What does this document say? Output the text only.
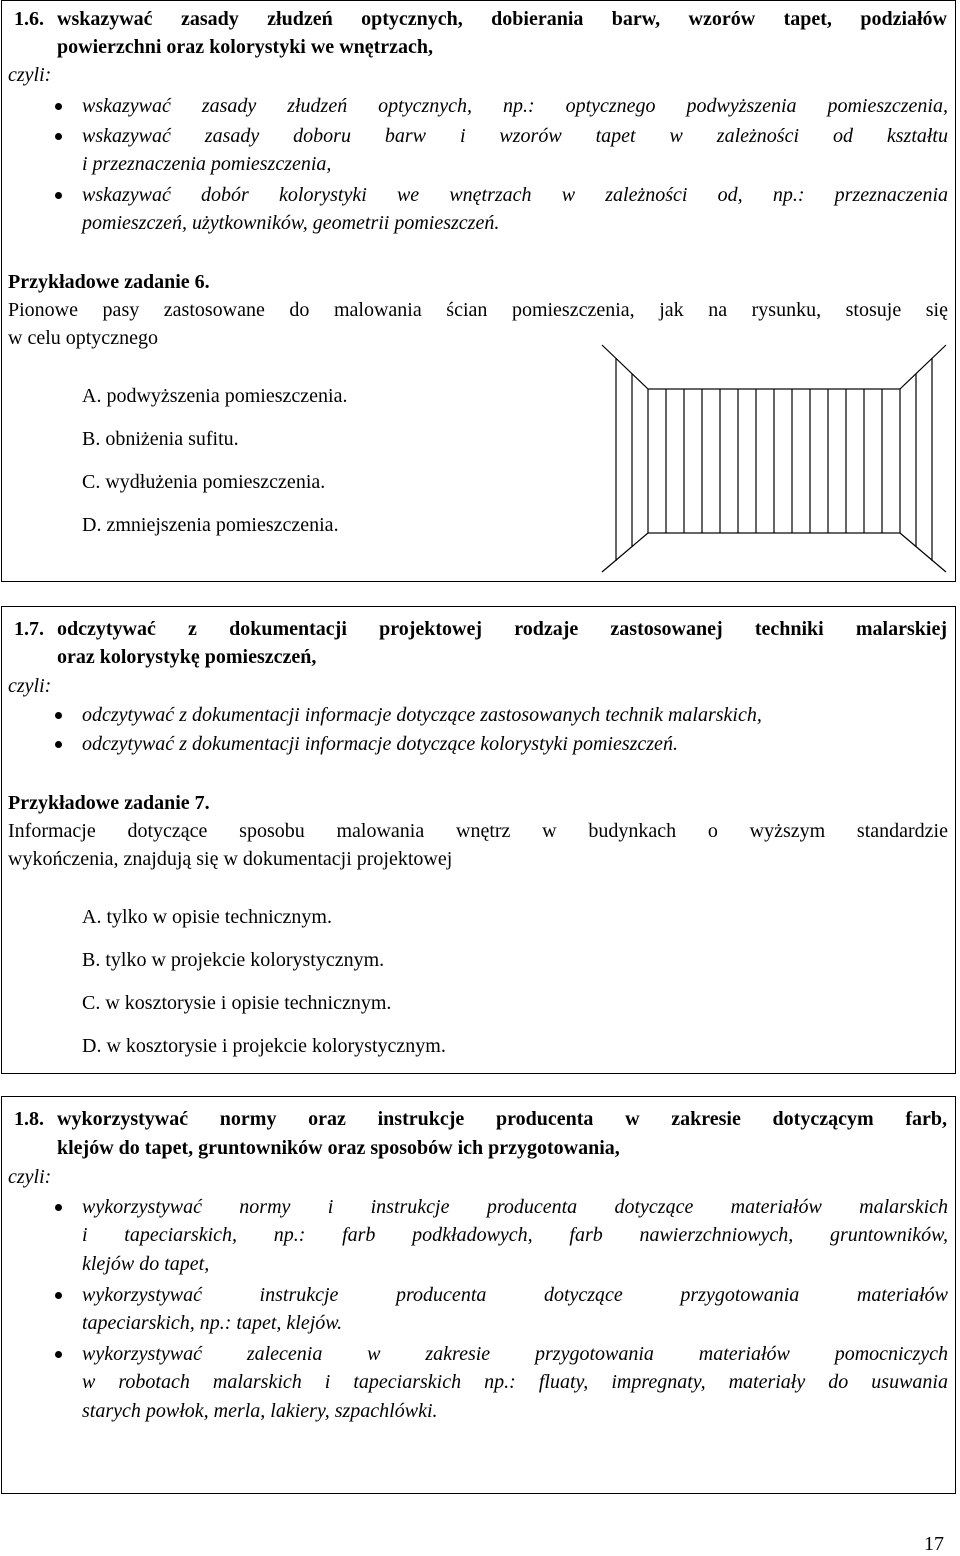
1.6. wskazywać zasady złudzeń optycznych, dobierania barw, wzorów tapet, podziałów
powierzchni oraz kolorystyki we wnętrzach,
czyli:
wskazywać zasady złudzeń optycznych, np.: optycznego podwyższenia pomieszczenia,
wskazywać zasady doboru barw i wzorów tapet w zależności od kształtu
i przeznaczenia pomieszczenia,
wskazywać dobór kolorystyki we wnętrzach w zależności od, np.: przeznaczenia
pomieszczeń, użytkowników, geometrii pomieszczeń.
Przykładowe zadanie 6.
Pionowe pasy zastosowane do malowania ścian pomieszczenia, jak na rysunku, stosuje się
w celu optycznego
A. podwyższenia pomieszczenia.
B. obniżenia sufitu.
C. wydłużenia pomieszczenia.
D. zmniejszenia pomieszczenia.
1.7. odczytywać z dokumentacji projektowej rodzaje zastosowanej techniki malarskiej
oraz kolorystykę pomieszczeń,
czyli:
odczytywać z dokumentacji informacje dotyczące zastosowanych technik malarskich,
odczytywać z dokumentacji informacje dotyczące kolorystyki pomieszczeń.
Przykładowe zadanie 7.
Informacje dotyczące sposobu malowania wnętrz w budynkach o wyższym standardzie
wykończenia, znajdują się w dokumentacji projektowej
A. tylko w opisie technicznym.
B. tylko w projekcie kolorystycznym.
C. w kosztorysie i opisie technicznym.
D. w kosztorysie i projekcie kolorystycznym.
1.8. wykorzystywać normy oraz instrukcje producenta w zakresie dotyczącym farb,
klejów do tapet, gruntowników oraz sposobów ich przygotowania,
czyli:
wykorzystywać normy i instrukcje producenta dotyczące materiałów malarskich
i tapeciarskich, np.: farb podkładowych, farb nawierzchniowych, gruntowników,
klejów do tapet,
wykorzystywać instrukcje producenta dotyczące przygotowania materiałów
tapeciarskich, np.: tapet, klejów.
wykorzystywać zalecenia w zakresie przygotowania materiałów pomocniczych
w robotach malarskich i tapeciarskich np.: fluaty, impregnaty, materiały do usuwania
starych powłok, merla, lakiery, szpachlówki.
17
